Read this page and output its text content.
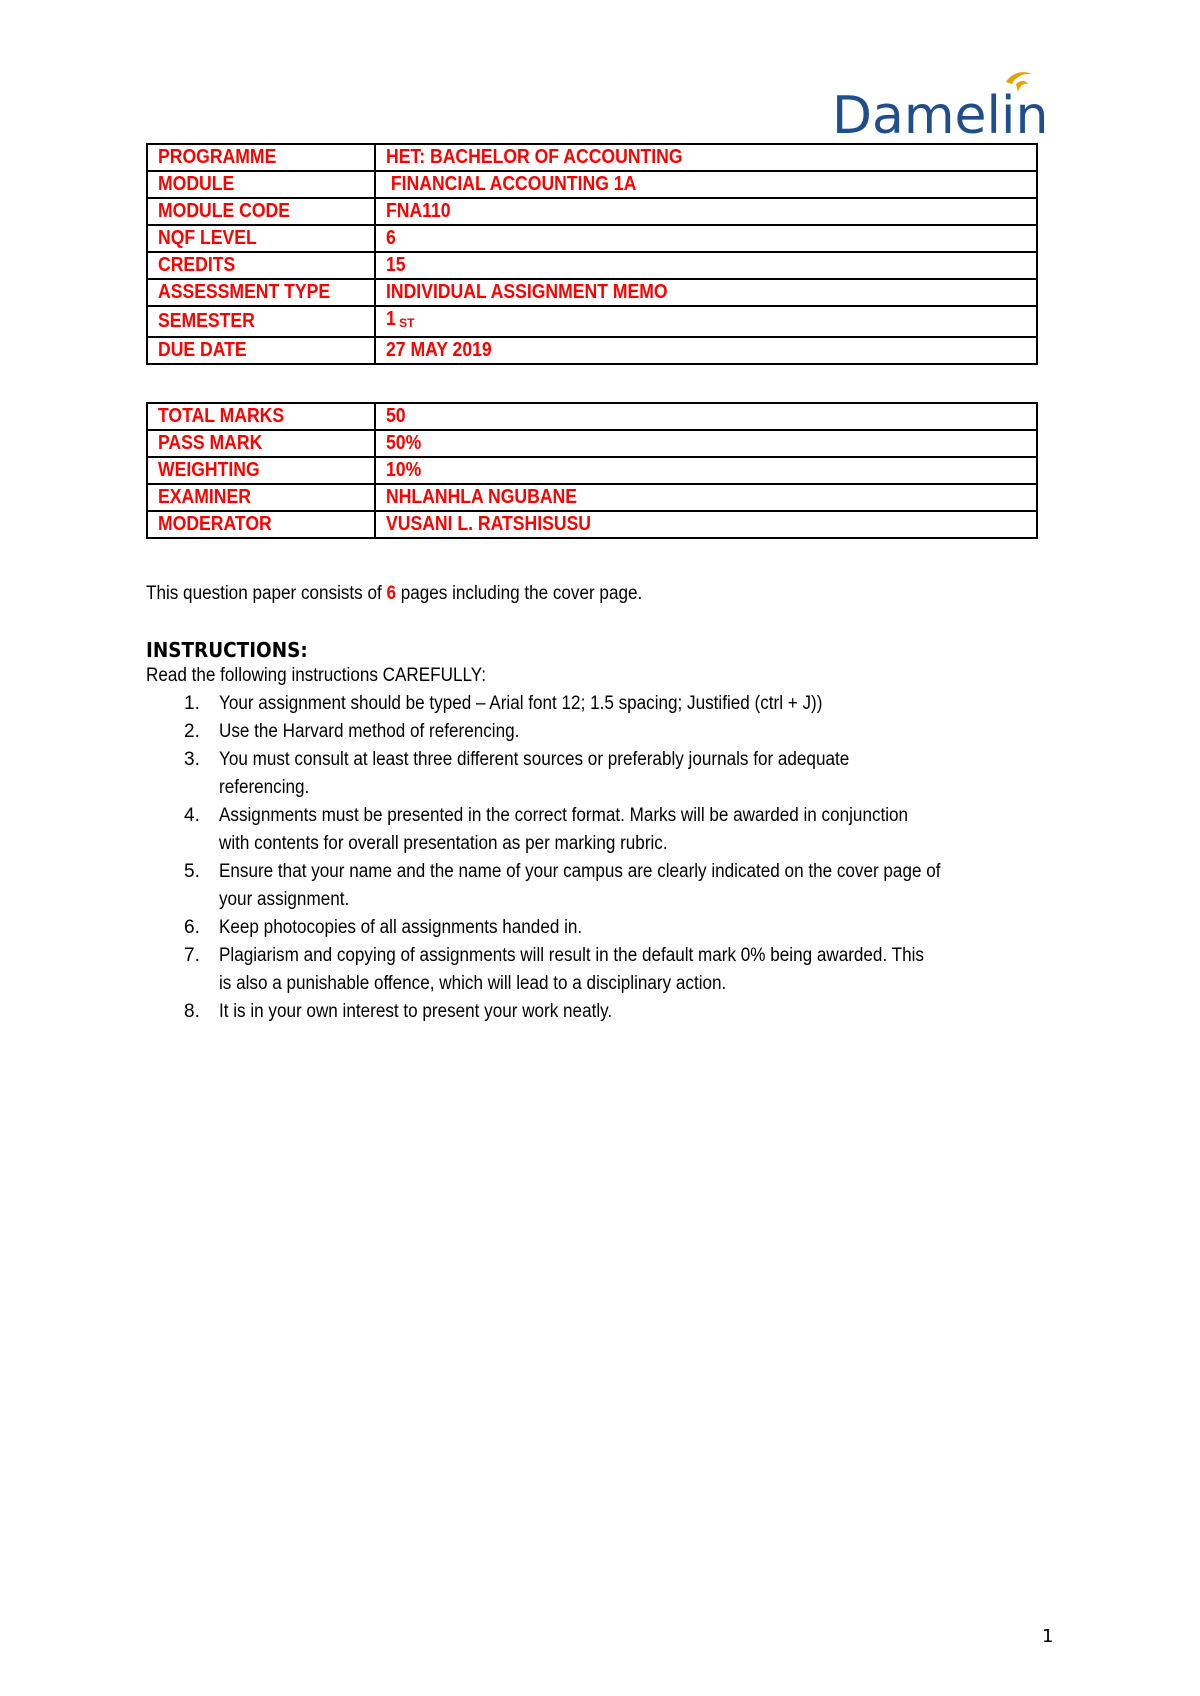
Damelin
PROGRAMME	HET: BACHELOR OF ACCOUNTING
MODULE	FINANCIAL ACCOUNTING 1A
MODULE CODE	FNA110
NQF LEVEL	6
CREDITS	15
ASSESSMENT TYPE	INDIVIDUAL ASSIGNMENT MEMO
SEMESTER	1 $^{ST}$
DUE DATE	27 MAY 2019
TOTAL MARKS	50
PASS MARK	50%
WEIGHTING	10%
EXAMINER	NHLANHLA NGUBANE
MODERATOR	VUSANI L. RATSHISUSU
This question paper consists of 6 pages including the cover page.
INSTRUCTIONS:
Read the following instructions CAREFULLY:
1. Your assignment should be typed – Arial font 12; 1.5 spacing; Justified (ctrl + J))
2. Use the Harvard method of referencing.
3. You must consult at least three different sources or preferably journals for adequate
referencing.
4. Assignments must be presented in the correct format. Marks will be awarded in conjunction
with contents for overall presentation as per marking rubric.
5. Ensure that your name and the name of your campus are clearly indicated on the cover page of
your assignment.
6. Keep photocopies of all assignments handed in.
7. Plagiarism and copying of assignments will result in the default mark 0% being awarded. This
is also a punishable offence, which will lead to a disciplinary action.
8. It is in your own interest to present your work neatly.
1
